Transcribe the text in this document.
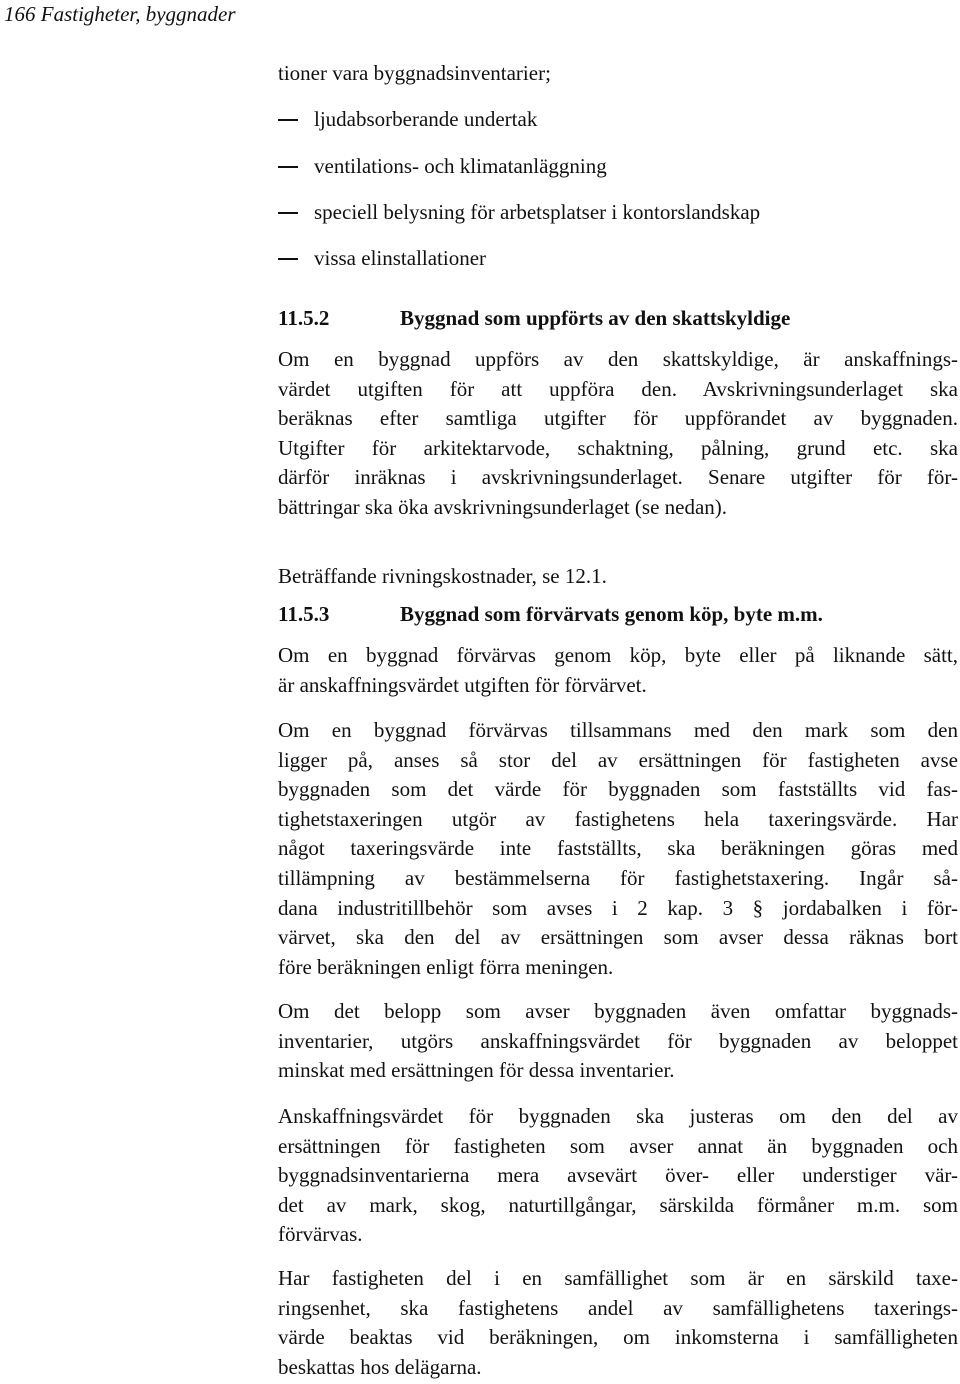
166 Fastigheter, byggnader
tioner vara byggnadsinventarier;
ljudabsorberande undertak
ventilations- och klimatanläggning
speciell belysning för arbetsplatser i kontorslandskap
vissa elinstallationer
11.5.2	Byggnad som uppförts av den skattskyldige
Om en byggnad uppförs av den skattskyldige, är anskaffnings-
värdet utgiften för att uppföra den. Avskrivningsunderlaget ska
beräknas efter samtliga utgifter för uppförandet av byggnaden.
Utgifter för arkitektarvode, schaktning, pålning, grund etc. ska
därför inräknas i avskrivningsunderlaget. Senare utgifter för för-
bättringar ska öka avskrivningsunderlaget (se nedan).
Beträffande rivningskostnader, se 12.1.
11.5.3	Byggnad som förvärvats genom köp, byte m.m.
Om en byggnad förvärvas genom köp, byte eller på liknande sätt,
är anskaffningsvärdet utgiften för förvärvet.
Om en byggnad förvärvas tillsammans med den mark som den
ligger på, anses så stor del av ersättningen för fastigheten avse
byggnaden som det värde för byggnaden som fastställts vid fas-
tighetstaxeringen utgör av fastighetens hela taxeringsvärde. Har
något taxeringsvärde inte fastställts, ska beräkningen göras med
tillämpning av bestämmelserna för fastighetstaxering. Ingår så-
dana industritillbehör som avses i 2 kap. 3 § jordabalken i för-
värvet, ska den del av ersättningen som avser dessa räknas bort
före beräkningen enligt förra meningen.
Om det belopp som avser byggnaden även omfattar byggnads-
inventarier, utgörs anskaffningsvärdet för byggnaden av beloppet
minskat med ersättningen för dessa inventarier.
Anskaffningsvärdet för byggnaden ska justeras om den del av
ersättningen för fastigheten som avser annat än byggnaden och
byggnadsinventarierna mera avsevärt över- eller understiger vär-
det av mark, skog, naturtillgångar, särskilda förmåner m.m. som
förvärvas.
Har fastigheten del i en samfällighet som är en särskild taxe-
ringsenhet, ska fastighetens andel av samfällighetens taxerings-
värde beaktas vid beräkningen, om inkomsterna i samfälligheten
beskattas hos delägarna.
